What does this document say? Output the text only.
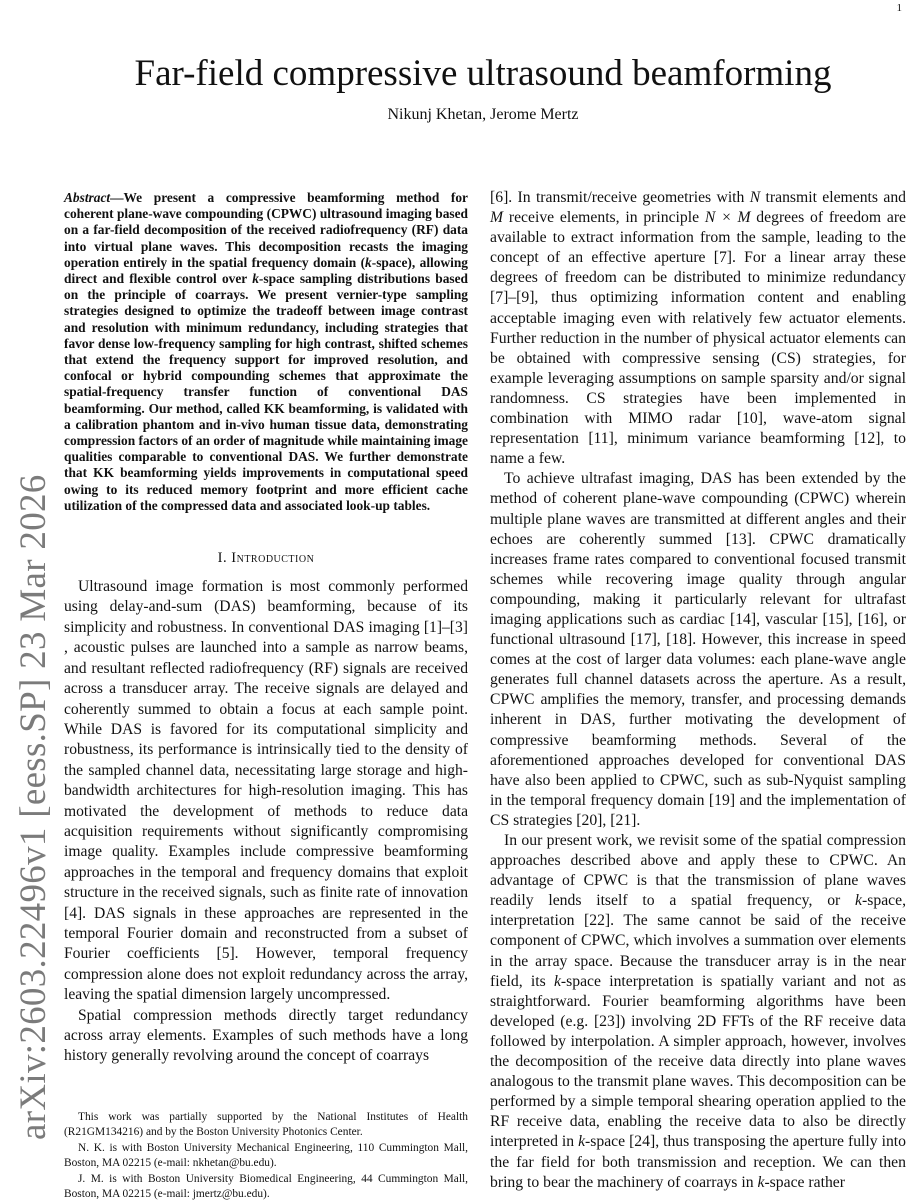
1
arXiv:2603.22496v1 [eess.SP] 23 Mar 2026
Far-field compressive ultrasound beamforming
Nikunj Khetan, Jerome Mertz

Abstract—We present a compressive beamforming method for coherent plane-wave compounding (CPWC) ultrasound imaging based on a far-field decomposition of the received radiofrequency (RF) data into virtual plane waves. This decomposition recasts the imaging operation entirely in the spatial frequency domain (k-space), allowing direct and flexible control over k-space sampling distributions based on the principle of coarrays. We present vernier-type sampling strategies designed to optimize the tradeoff between image contrast and resolution with minimum redundancy, including strategies that favor dense low-frequency sampling for high contrast, shifted schemes that extend the frequency support for improved resolution, and confocal or hybrid compounding schemes that approximate the spatial-frequency transfer function of conventional DAS beamforming. Our method, called KK beamforming, is validated with a calibration phantom and in-vivo human tissue data, demonstrating compression factors of an order of magnitude while maintaining image qualities comparable to conventional DAS. We further demonstrate that KK beamforming yields improvements in computational speed owing to its reduced memory footprint and more efficient cache utilization of the compressed data and associated look-up tables.

I. Introduction

Ultrasound image formation is most commonly performed using delay-and-sum (DAS) beamforming, because of its simplicity and robustness. In conventional DAS imaging [1]–[3] , acoustic pulses are launched into a sample as narrow beams, and resultant reflected radiofrequency (RF) signals are received across a transducer array. The receive signals are delayed and coherently summed to obtain a focus at each sample point. While DAS is favored for its computational simplicity and robustness, its performance is intrinsically tied to the density of the sampled channel data, necessitating large storage and high-bandwidth architectures for high-resolution imaging. This has motivated the development of methods to reduce data acquisition requirements without significantly compromising image quality. Examples include compressive beamforming approaches in the temporal and frequency domains that exploit structure in the received signals, such as finite rate of innovation [4]. DAS signals in these approaches are represented in the temporal Fourier domain and reconstructed from a subset of Fourier coefficients [5]. However, temporal frequency compression alone does not exploit redundancy across the array, leaving the spatial dimension largely uncompressed.

Spatial compression methods directly target redundancy across array elements. Examples of such methods have a long history generally revolving around the concept of coarrays

[6]. In transmit/receive geometries with N transmit elements and M receive elements, in principle N × M degrees of freedom are available to extract information from the sample, leading to the concept of an effective aperture [7]. For a linear array these degrees of freedom can be distributed to minimize redundancy [7]–[9], thus optimizing information content and enabling acceptable imaging even with relatively few actuator elements. Further reduction in the number of physical actuator elements can be obtained with compressive sensing (CS) strategies, for example leveraging assumptions on sample sparsity and/or signal randomness. CS strategies have been implemented in combination with MIMO radar [10], wave-atom signal representation [11], minimum variance beamforming [12], to name a few.

To achieve ultrafast imaging, DAS has been extended by the method of coherent plane-wave compounding (CPWC) wherein multiple plane waves are transmitted at different angles and their echoes are coherently summed [13]. CPWC dramatically increases frame rates compared to conventional focused transmit schemes while recovering image quality through angular compounding, making it particularly relevant for ultrafast imaging applications such as cardiac [14], vascular [15], [16], or functional ultrasound [17], [18]. However, this increase in speed comes at the cost of larger data volumes: each plane-wave angle generates full channel datasets across the aperture. As a result, CPWC amplifies the memory, transfer, and processing demands inherent in DAS, further motivating the development of compressive beamforming methods. Several of the aforementioned approaches developed for conventional DAS have also been applied to CPWC, such as sub-Nyquist sampling in the temporal frequency domain [19] and the implementation of CS strategies [20], [21].

In our present work, we revisit some of the spatial compression approaches described above and apply these to CPWC. An advantage of CPWC is that the transmission of plane waves readily lends itself to a spatial frequency, or k-space, interpretation [22]. The same cannot be said of the receive component of CPWC, which involves a summation over elements in the array space. Because the transducer array is in the near field, its k-space interpretation is spatially variant and not as straightforward. Fourier beamforming algorithms have been developed (e.g. [23]) involving 2D FFTs of the RF receive data followed by interpolation. A simpler approach, however, involves the decomposition of the receive data directly into plane waves analogous to the transmit plane waves. This decomposition can be performed by a simple temporal shearing operation applied to the RF receive data, enabling the receive data to also be directly interpreted in k-space [24], thus transposing the aperture fully into the far field for both transmission and reception. We can then bring to bear the machinery of coarrays in k-space rather

This work was partially supported by the National Institutes of Health (R21GM134216) and by the Boston University Photonics Center.

N. K. is with Boston University Mechanical Engineering, 110 Cummington Mall, Boston, MA 02215 (e-mail: nkhetan@bu.edu).

J. M. is with Boston University Biomedical Engineering, 44 Cummington Mall, Boston, MA 02215 (e-mail: jmertz@bu.edu).
